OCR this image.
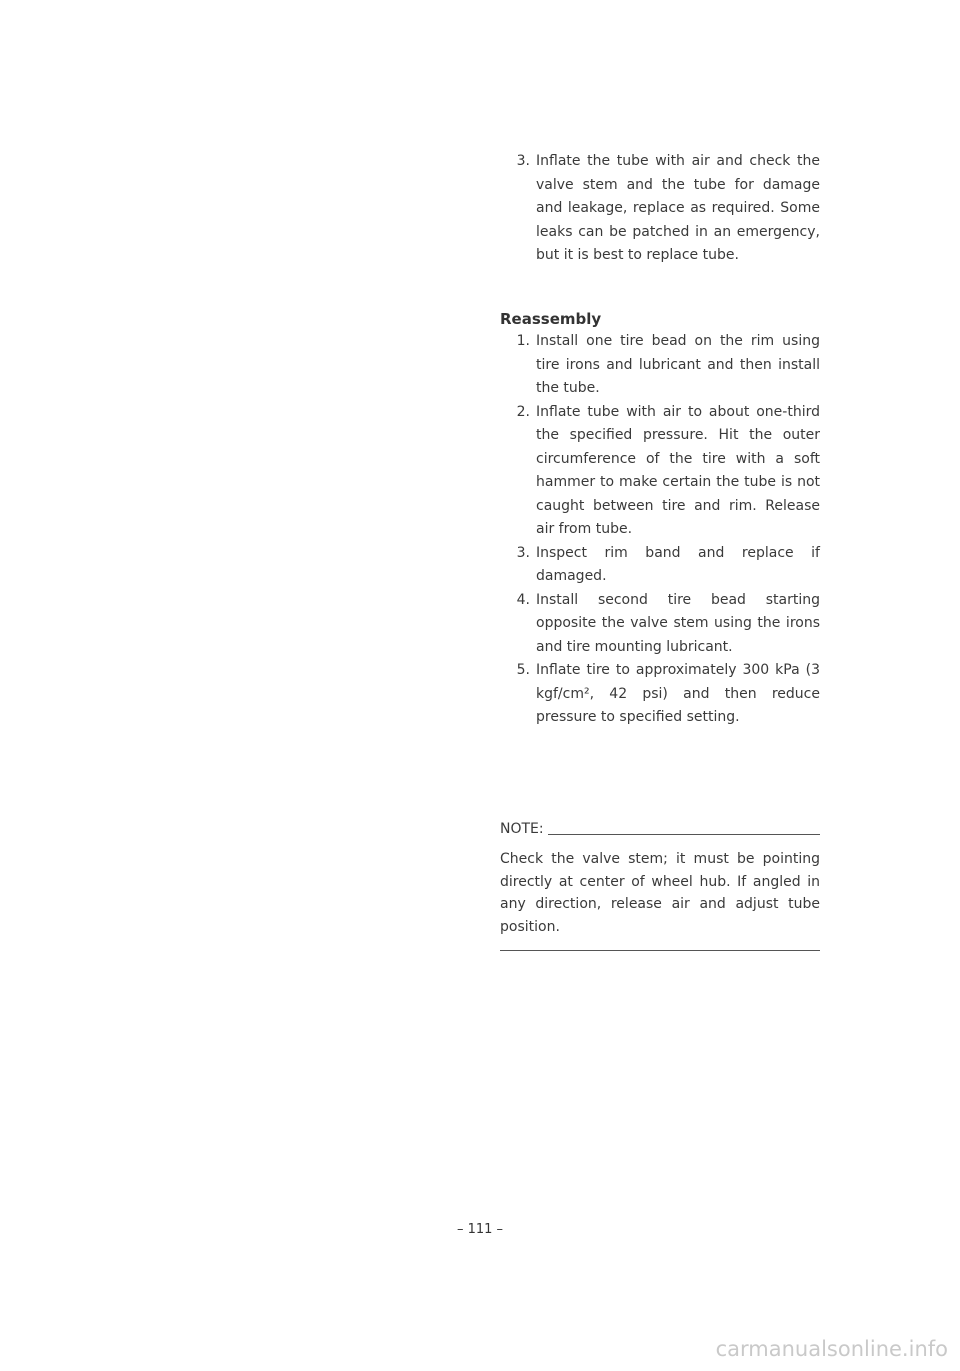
3. Inflate the tube with air and check the valve stem and the tube for damage and leakage, replace as required. Some leaks can be patched in an emergency, but it is best to replace tube.
Reassembly
1. Install one tire bead on the rim using tire irons and lubricant and then install the tube.
2. Inflate tube with air to about one-third the specified pressure. Hit the outer circumference of the tire with a soft hammer to make certain the tube is not caught between tire and rim. Release air from tube.
3. Inspect rim band and replace if damaged.
4. Install second tire bead starting opposite the valve stem using the irons and tire mounting lubricant.
5. Inflate tire to approximately 300 kPa (3 kgf/cm², 42 psi) and then reduce pressure to specified setting.
NOTE:
Check the valve stem; it must be pointing directly at center of wheel hub. If angled in any direction, release air and adjust tube position.
– 111 –
carmanualsonline.info
